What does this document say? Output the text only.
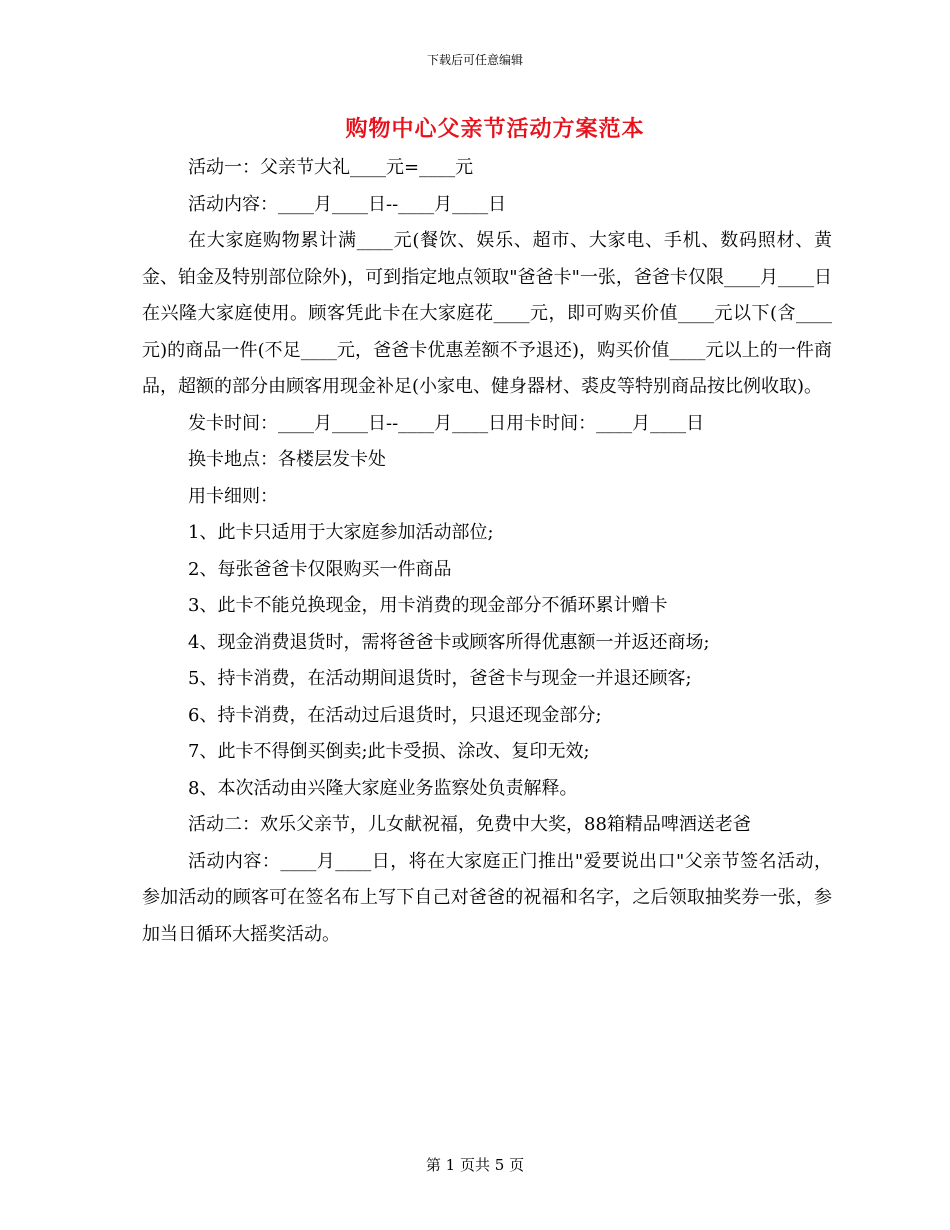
下载后可任意编辑
购物中心父亲节活动方案范本

活动一：父亲节大礼____元=____元

活动内容：____月____日--____月____日

在大家庭购物累计满____元(餐饮、娱乐、超市、大家电、手机、数码照材、黄金、铂金及特别部位除外)，可到指定地点领取"爸爸卡"一张，爸爸卡仅限____月____日在兴隆大家庭使用。顾客凭此卡在大家庭花____元，即可购买价值____元以下(含____元)的商品一件(不足____元，爸爸卡优惠差额不予退还)，购买价值____元以上的一件商品，超额的部分由顾客用现金补足(小家电、健身器材、裘皮等特别商品按比例收取)。

发卡时间：____月____日--____月____日用卡时间：____月____日

换卡地点：各楼层发卡处

用卡细则：

1、此卡只适用于大家庭参加活动部位;

2、每张爸爸卡仅限购买一件商品

3、此卡不能兑换现金，用卡消费的现金部分不循环累计赠卡

4、现金消费退货时，需将爸爸卡或顾客所得优惠额一并返还商场;

5、持卡消费，在活动期间退货时，爸爸卡与现金一并退还顾客;

6、持卡消费，在活动过后退货时，只退还现金部分;

7、此卡不得倒买倒卖;此卡受损、涂改、复印无效;

8、本次活动由兴隆大家庭业务监察处负责解释。

活动二：欢乐父亲节，儿女献祝福，免费中大奖，88箱精品啤酒送老爸

活动内容：____月____日，将在大家庭正门推出"爱要说出口"父亲节签名活动，参加活动的顾客可在签名布上写下自己对爸爸的祝福和名字，之后领取抽奖券一张，参加当日循环大摇奖活动。

第 1 页共 5 页
